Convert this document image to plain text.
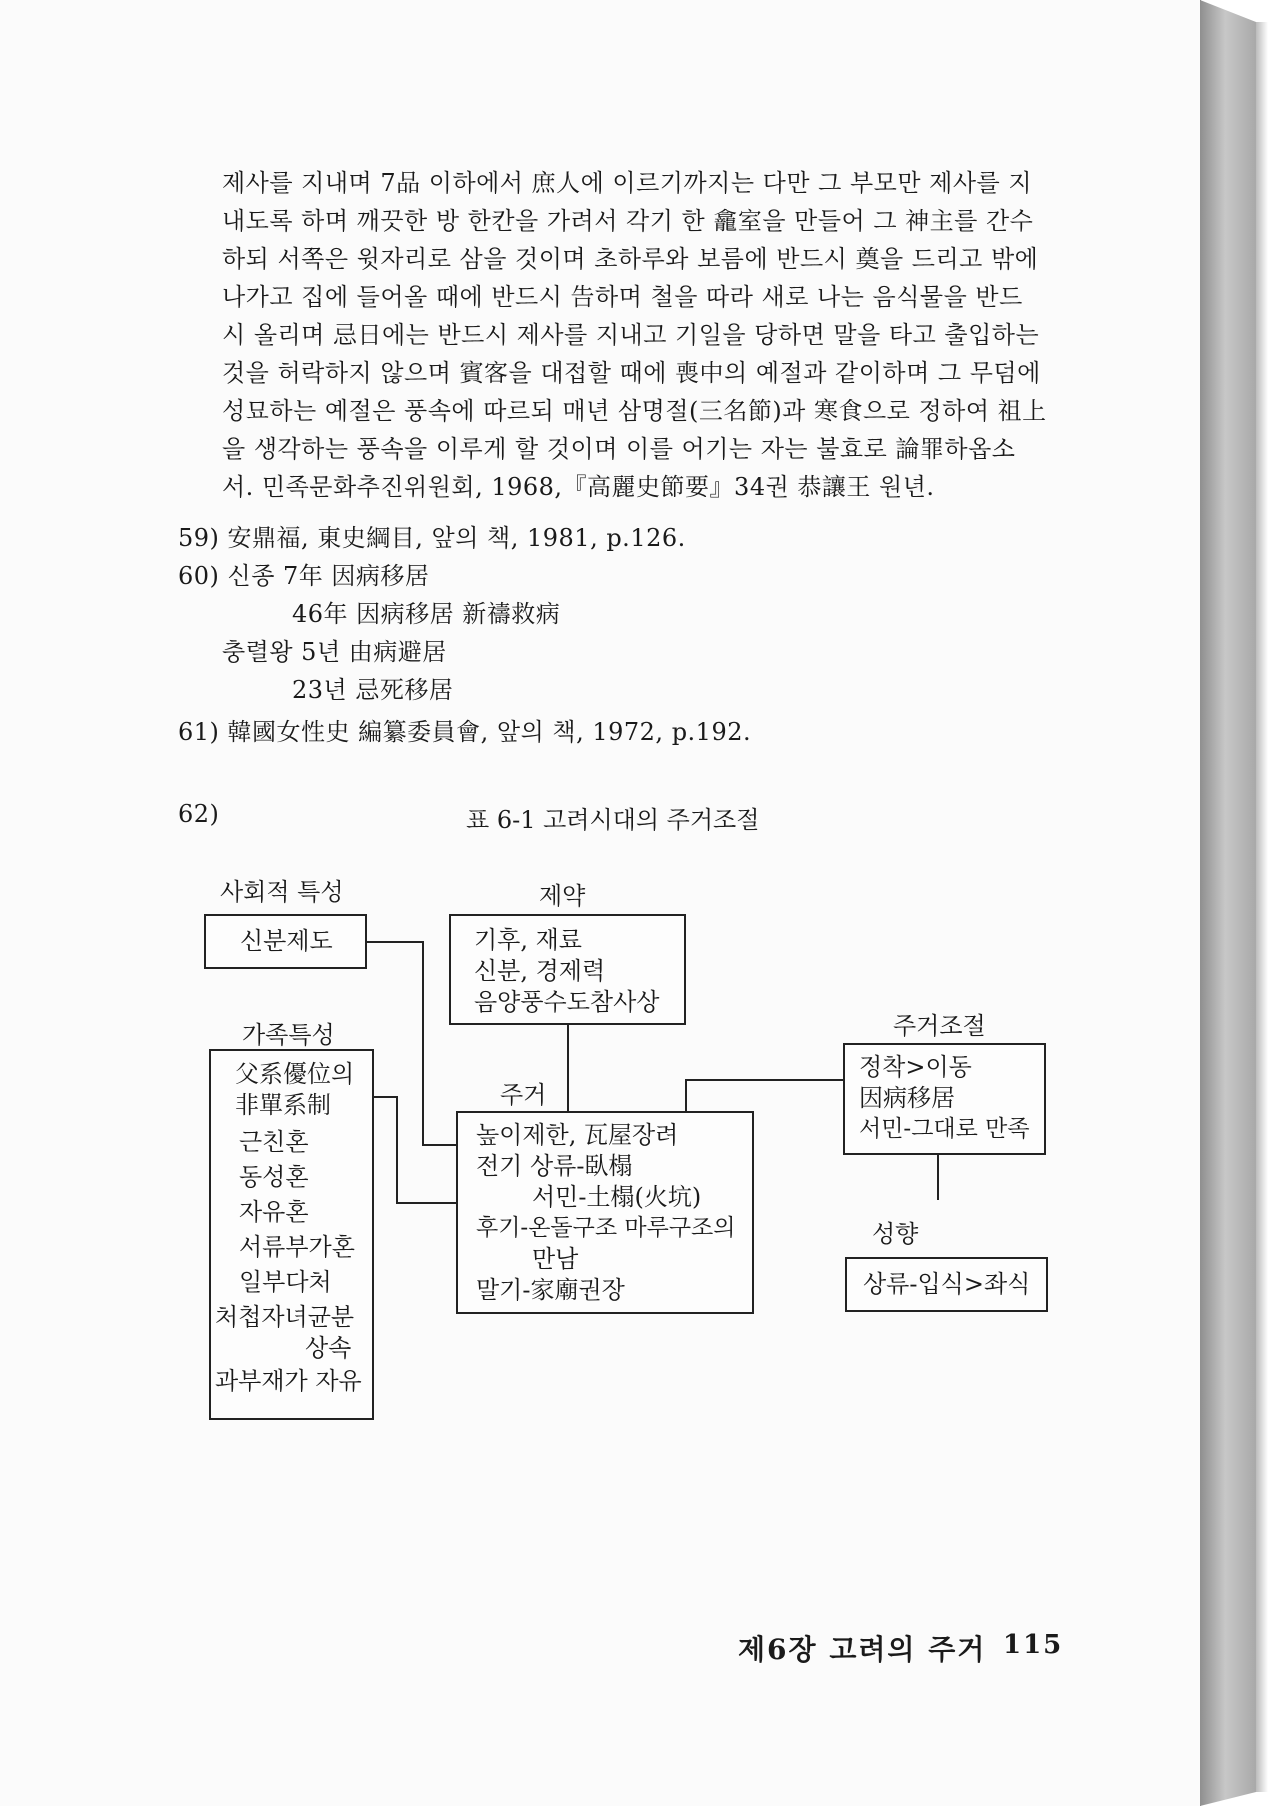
제사를 지내며 7品 이하에서 庶人에 이르기까지는 다만 그 부모만 제사를 지
내도록 하며 깨끗한 방 한칸을 가려서 각기 한 龕室을 만들어 그 神主를 간수
하되 서쪽은 윗자리로 삼을 것이며 초하루와 보름에 반드시 奠을 드리고 밖에
나가고 집에 들어올 때에 반드시 告하며 철을 따라 새로 나는 음식물을 반드
시 올리며 忌日에는 반드시 제사를 지내고 기일을 당하면 말을 타고 출입하는
것을 허락하지 않으며 賓客을 대접할 때에 喪中의 예절과 같이하며 그 무덤에
성묘하는 예절은 풍속에 따르되 매년 삼명절(三名節)과 寒食으로 정하여 祖上
을 생각하는 풍속을 이루게 할 것이며 이를 어기는 자는 불효로 論罪하옵소
서. 민족문화추진위원회, 1968,『高麗史節要』34권 恭讓王 원년.
59) 安鼎福, 東史綱目, 앞의 책, 1981, p.126.
60) 신종 7年 因病移居
46年 因病移居 新禱救病
충렬왕 5년 由病避居
23년 忌死移居
61) 韓國女性史 編纂委員會, 앞의 책, 1972, p.192.
62)	표 6-1 고려시대의 주거조절
사회적 특성
신분제도
제약
기후, 재료
신분, 경제력
음양풍수도참사상
가족특성
父系優位의
非單系制
근친혼
동성혼
자유혼
서류부가혼
일부다처
처첩자녀균분
상속
과부재가 자유
주거
높이제한, 瓦屋장려
전기 상류-臥榻
서민-土榻(火坑)
후기-온돌구조 마루구조의
만남
말기-家廟권장
주거조절
정착>이동
因病移居
서민-그대로 만족
성향
상류-입식>좌식
제6장 고려의 주거 115
